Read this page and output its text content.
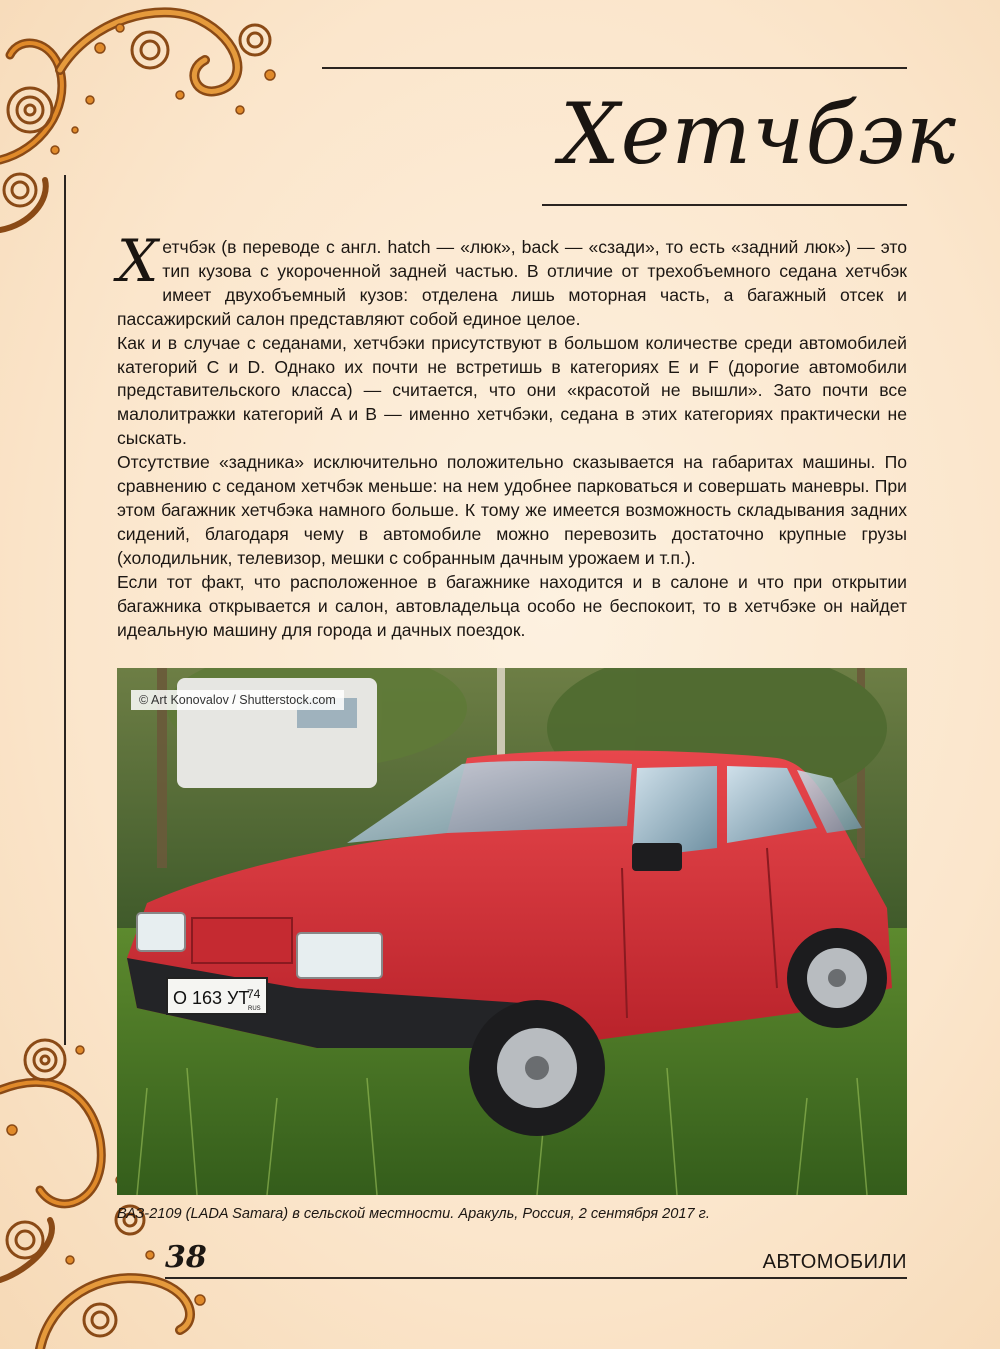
Хетчбэк

Хетчбэк (в переводе с англ. hatch — «люк», back — «сзади», то есть «задний люк») — это тип кузова с укороченной задней частью. В отличие от трехобъемного седана хетчбэк имеет двухобъемный кузов: отделена лишь моторная часть, а багажный отсек и пассажирский салон представляют собой единое целое.

Как и в случае с седанами, хетчбэки присутствуют в большом количестве среди автомобилей категорий C и D. Однако их почти не встретишь в категориях E и F (дорогие автомобили представительского класса) — считается, что они «красотой не вышли». Зато почти все малолитражки категорий A и B — именно хетчбэки, седана в этих категориях практически не сыскать.

Отсутствие «задника» исключительно положительно сказывается на габаритах машины. По сравнению с седаном хетчбэк меньше: на нем удобнее парковаться и совершать маневры. При этом багажник хетчбэка намного больше. К тому же имеется возможность складывания задних сидений, благодаря чему в автомобиле можно перевозить достаточно крупные грузы (холодильник, телевизор, мешки с собранным дачным урожаем и т.п.).

Если тот факт, что расположенное в багажнике находится и в салоне и что при открытии багажника открывается и салон, автовладельца особо не беспокоит, то в хетчбэке он найдет идеальную машину для города и дачных поездок.

О 163 УТ
74
RUS
© Art Konovalov / Shutterstock.com
ВАЗ-2109 (LADA Samara) в сельской местности. Аракуль, Россия, 2 сентября 2017 г.
38	АВТОМОБИЛИ
